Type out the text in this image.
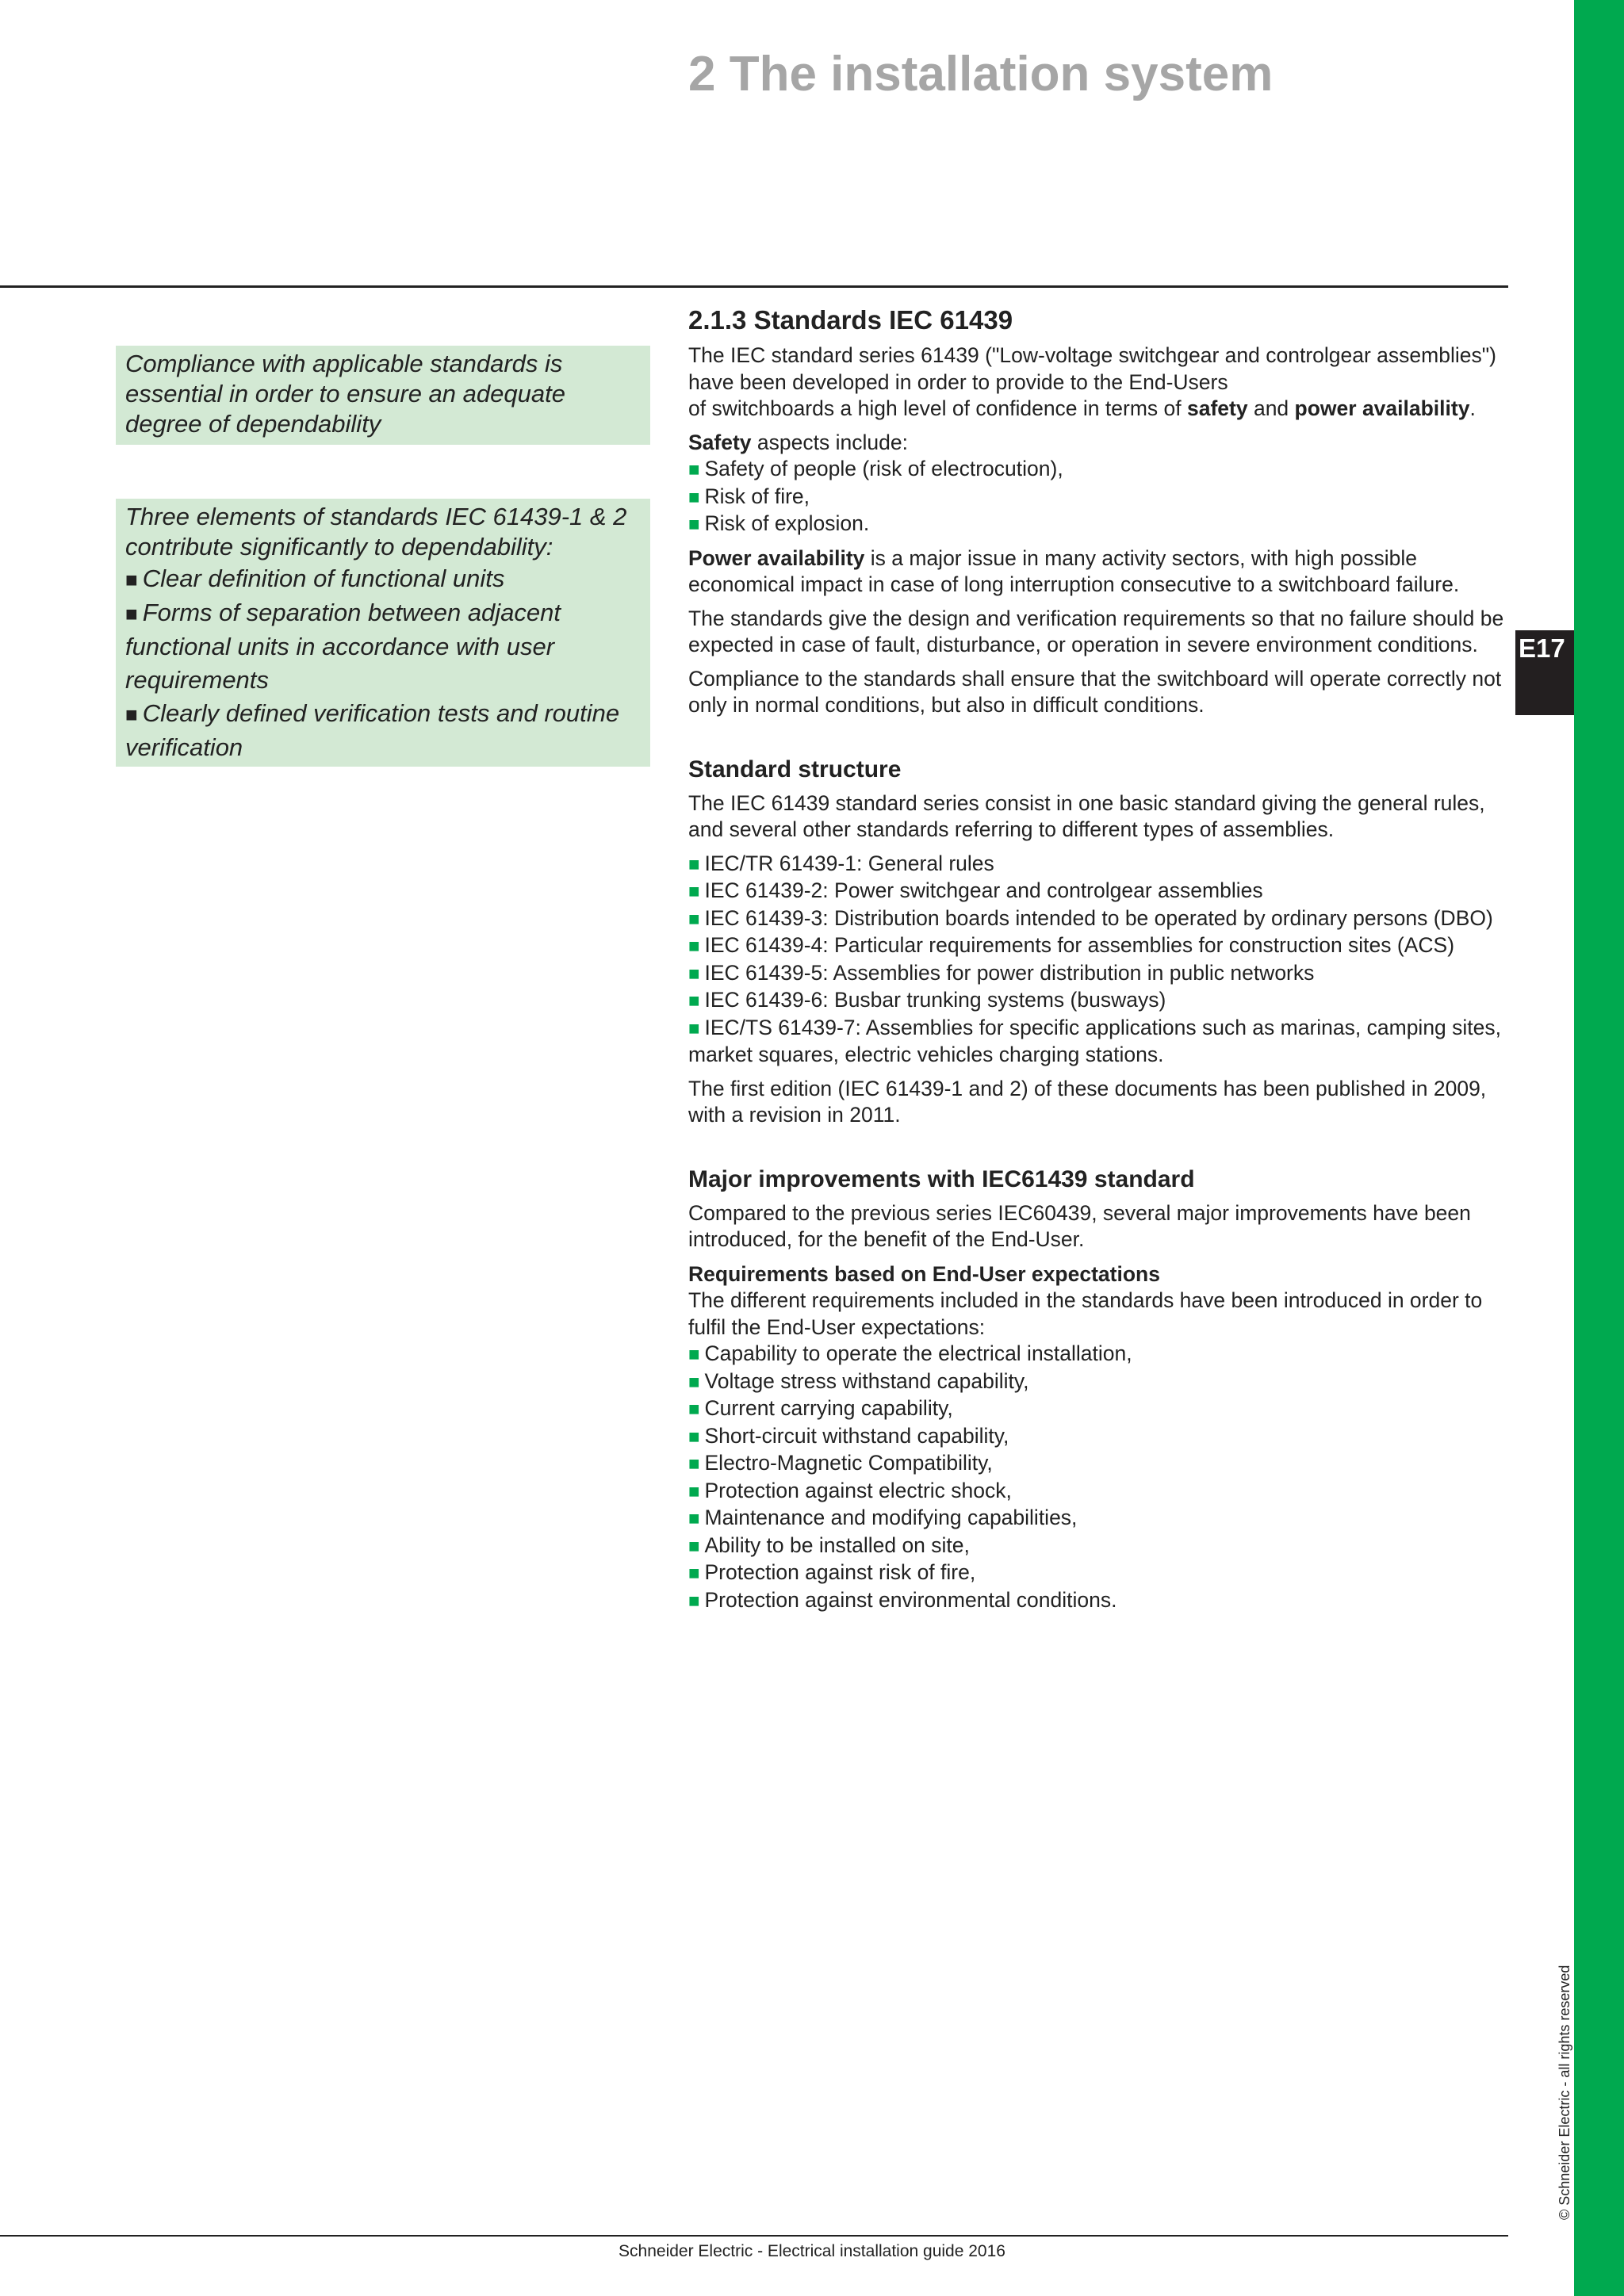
2 The installation system
E17
© Schneider Electric - all rights reserved

Compliance with applicable standards is essential in order to ensure an adequate degree of dependability

Three elements of standards IEC 61439-1 & 2 contribute significantly to dependability:

■ Clear definition of functional units

■ Forms of separation between adjacent functional units in accordance with user requirements

■ Clearly defined verification tests and routine verification

2.1.3 Standards IEC 61439

The IEC standard series 61439 ("Low-voltage switchgear and controlgear assemblies") have been developed in order to provide to the End-Users
of switchboards a high level of confidence in terms of safety and power availability.

Safety aspects include:

■ Safety of people (risk of electrocution),
■ Risk of fire,
■ Risk of explosion.

Power availability is a major issue in many activity sectors, with high possible economical impact in case of long interruption consecutive to a switchboard failure.

The standards give the design and verification requirements so that no failure should be expected in case of fault, disturbance, or operation in severe environment conditions.

Compliance to the standards shall ensure that the switchboard will operate correctly not only in normal conditions, but also in difficult conditions.

Standard structure

The IEC 61439 standard series consist in one basic standard giving the general rules, and several other standards referring to different types of assemblies.

■ IEC/TR 61439-1: General rules
■ IEC 61439-2: Power switchgear and controlgear assemblies
■ IEC 61439-3: Distribution boards intended to be operated by ordinary persons (DBO)
■ IEC 61439-4: Particular requirements for assemblies for construction sites (ACS)
■ IEC 61439-5: Assemblies for power distribution in public networks
■ IEC 61439-6: Busbar trunking systems (busways)
■ IEC/TS 61439-7: Assemblies for specific applications such as marinas, camping sites, market squares, electric vehicles charging stations.

The first edition (IEC 61439-1 and 2) of these documents has been published in 2009, with a revision in 2011.

Major improvements with IEC61439 standard

Compared to the previous series IEC60439, several major improvements have been introduced, for the benefit of the End-User.

Requirements based on End-User expectations

The different requirements included in the standards have been introduced in order to fulfil the End-User expectations:

■ Capability to operate the electrical installation,
■ Voltage stress withstand capability,
■ Current carrying capability,
■ Short-circuit withstand capability,
■ Electro-Magnetic Compatibility,
■ Protection against electric shock,
■ Maintenance and modifying capabilities,
■ Ability to be installed on site,
■ Protection against risk of fire,
■ Protection against environmental conditions.
Schneider Electric - Electrical installation guide 2016
